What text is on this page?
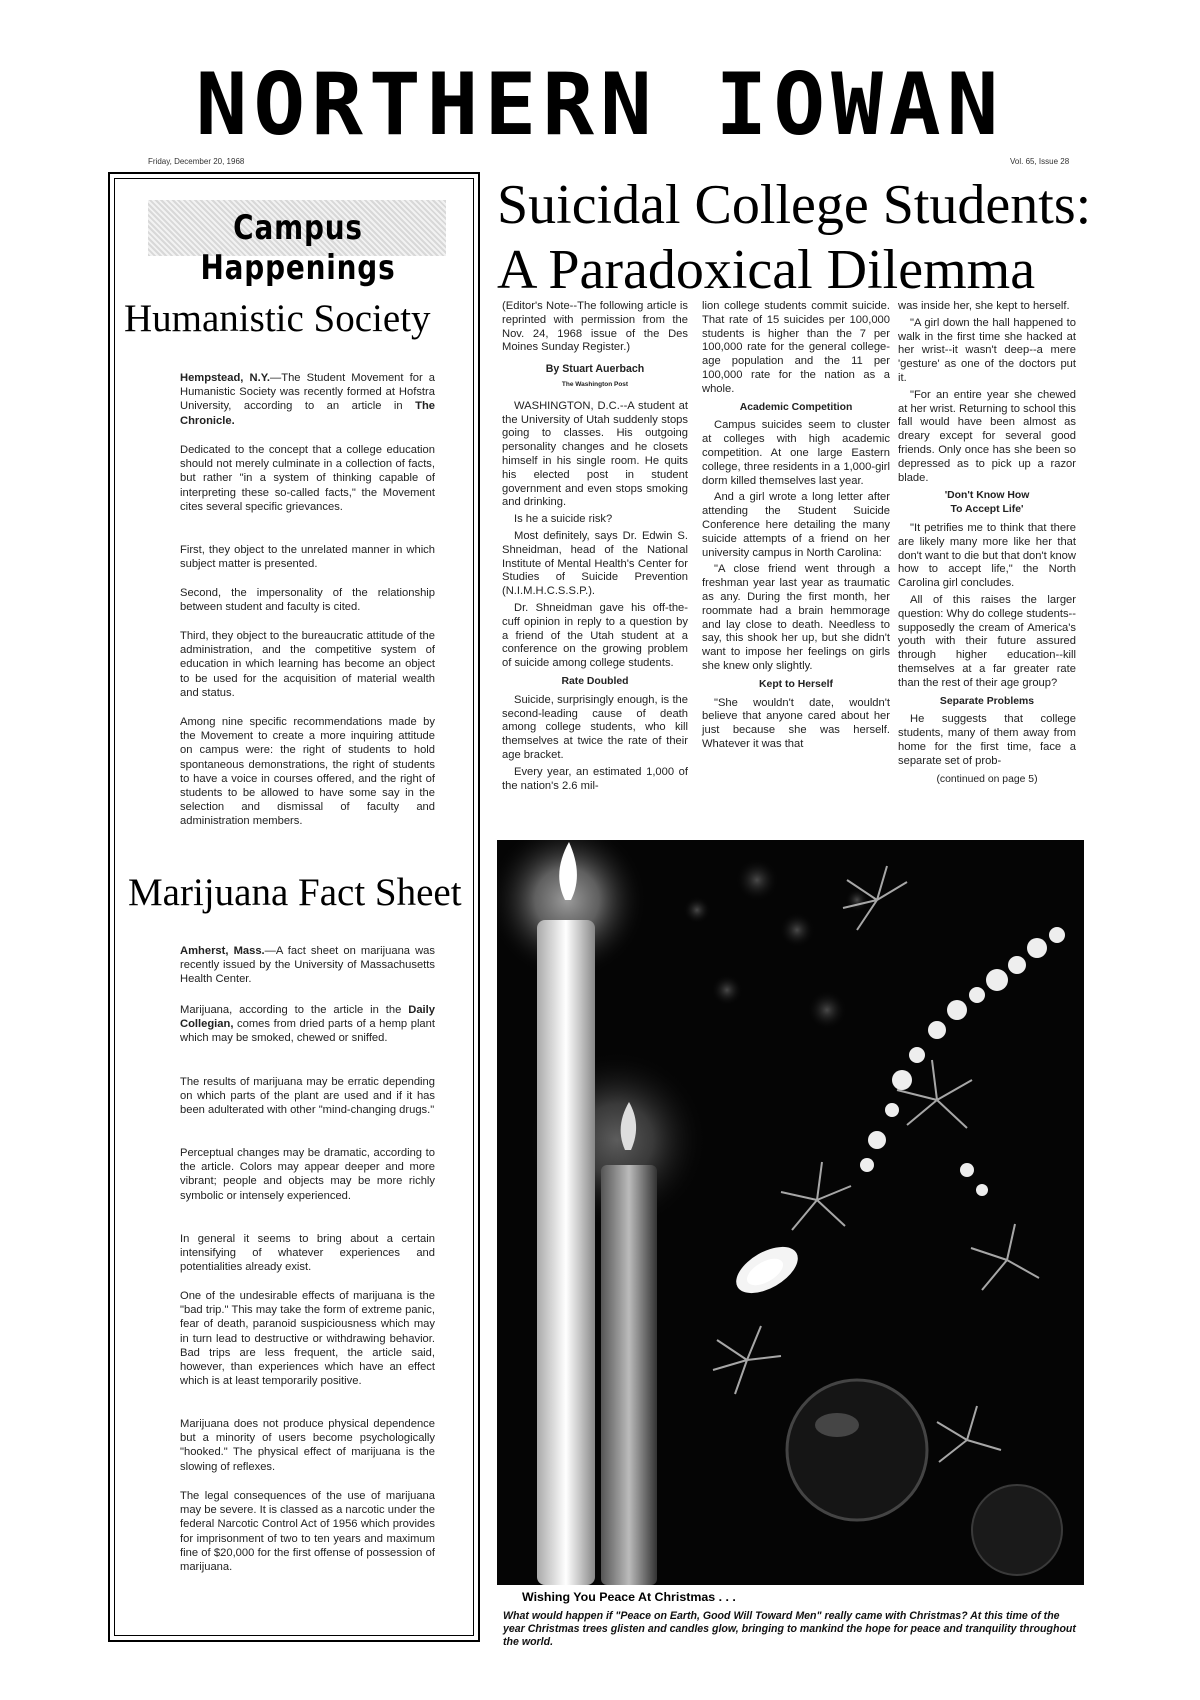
NORTHERN IOWAN
Friday, December 20, 1968	Vol. 65, Issue 28
Campus Happenings
Humanistic Society
Hempstead, N.Y.—The Student Movement for a Humanistic Society was recently formed at Hofstra University, according to an article in The Chronicle.
Dedicated to the concept that a college education should not merely culminate in a collection of facts, but rather "in a system of thinking capable of interpreting these so-called facts," the Movement cites several specific grievances.
First, they object to the unrelated manner in which subject matter is presented.
Second, the impersonality of the relationship between student and faculty is cited.
Third, they object to the bureaucratic attitude of the administration, and the competitive system of education in which learning has become an object to be used for the acquisition of material wealth and status.
Among nine specific recommendations made by the Movement to create a more inquiring attitude on campus were: the right of students to hold spontaneous demonstrations, the right of students to have a voice in courses offered, and the right of students to be allowed to have some say in the selection and dismissal of faculty and administration members.
Marijuana Fact Sheet
Amherst, Mass.—A fact sheet on marijuana was recently issued by the University of Massachusetts Health Center.
Marijuana, according to the article in the Daily Collegian, comes from dried parts of a hemp plant which may be smoked, chewed or sniffed.
The results of marijuana may be erratic depending on which parts of the plant are used and if it has been adulterated with other "mind-changing drugs."
Perceptual changes may be dramatic, according to the article. Colors may appear deeper and more vibrant; people and objects may be more richly symbolic or intensely experienced.
In general it seems to bring about a certain intensifying of whatever experiences and potentialities already exist.
One of the undesirable effects of marijuana is the "bad trip." This may take the form of extreme panic, fear of death, paranoid suspiciousness which may in turn lead to destructive or withdrawing behavior. Bad trips are less frequent, the article said, however, than experiences which have an effect which is at least temporarily positive.
Marijuana does not produce physical dependence but a minority of users become psychologically "hooked." The physical effect of marijuana is the slowing of reflexes.
The legal consequences of the use of marijuana may be severe. It is classed as a narcotic under the federal Narcotic Control Act of 1956 which provides for imprisonment of two to ten years and maximum fine of $20,000 for the first offense of possession of marijuana.
Suicidal College Students:
A Paradoxical Dilemma

(Editor's Note--The following article is reprinted with permission from the Nov. 24, 1968 issue of the Des Moines Sunday Register.)

By Stuart Auerbach

The Washington Post

WASHINGTON, D.C.--A student at the University of Utah suddenly stops going to classes. His outgoing personality changes and he closets himself in his single room. He quits his elected post in student government and even stops smoking and drinking.

Is he a suicide risk?

Most definitely, says Dr. Edwin S. Shneidman, head of the National Institute of Mental Health's Center for Studies of Suicide Prevention (N.I.M.H.C.S.S.P.).

Dr. Shneidman gave his off-the-cuff opinion in reply to a question by a friend of the Utah student at a conference on the growing problem of suicide among college students.

Rate Doubled

Suicide, surprisingly enough, is the second-leading cause of death among college students, who kill themselves at twice the rate of their age bracket.

Every year, an estimated 1,000 of the nation's 2.6 mil-

lion college students commit suicide. That rate of 15 suicides per 100,000 students is higher than the 7 per 100,000 rate for the general college-age population and the 11 per 100,000 rate for the nation as a whole.

Academic Competition

Campus suicides seem to cluster at colleges with high academic competition. At one large Eastern college, three residents in a 1,000-girl dorm killed themselves last year.

And a girl wrote a long letter after attending the Student Suicide Conference here detailing the many suicide attempts of a friend on her university campus in North Carolina:

"A close friend went through a freshman year last year as traumatic as any. During the first month, her roommate had a brain hemmorage and lay close to death. Needless to say, this shook her up, but she didn't want to impose her feelings on girls she knew only slightly.

Kept to Herself

"She wouldn't date, wouldn't believe that anyone cared about her just because she was herself. Whatever it was that

was inside her, she kept to herself.

"A girl down the hall happened to walk in the first time she hacked at her wrist--it wasn't deep--a mere 'gesture' as one of the doctors put it.

"For an entire year she chewed at her wrist. Returning to school this fall would have been almost as dreary except for several good friends. Only once has she been so depressed as to pick up a razor blade.

'Don't Know How

To Accept Life'

"It petrifies me to think that there are likely many more like her that don't want to die but that don't know how to accept life," the North Carolina girl concludes.

All of this raises the larger question: Why do college students--supposedly the cream of America's youth with their future assured through higher education--kill themselves at a far greater rate than the rest of their age group?

Separate Problems

He suggests that college students, many of them away from home for the first time, face a separate set of prob-

(continued on page 5)

Wishing You Peace At Christmas . . .
What would happen if "Peace on Earth, Good Will Toward Men" really came with Christmas? At this time of the year Christmas trees glisten and candles glow, bringing to mankind the hope for peace and tranquility throughout the world.
